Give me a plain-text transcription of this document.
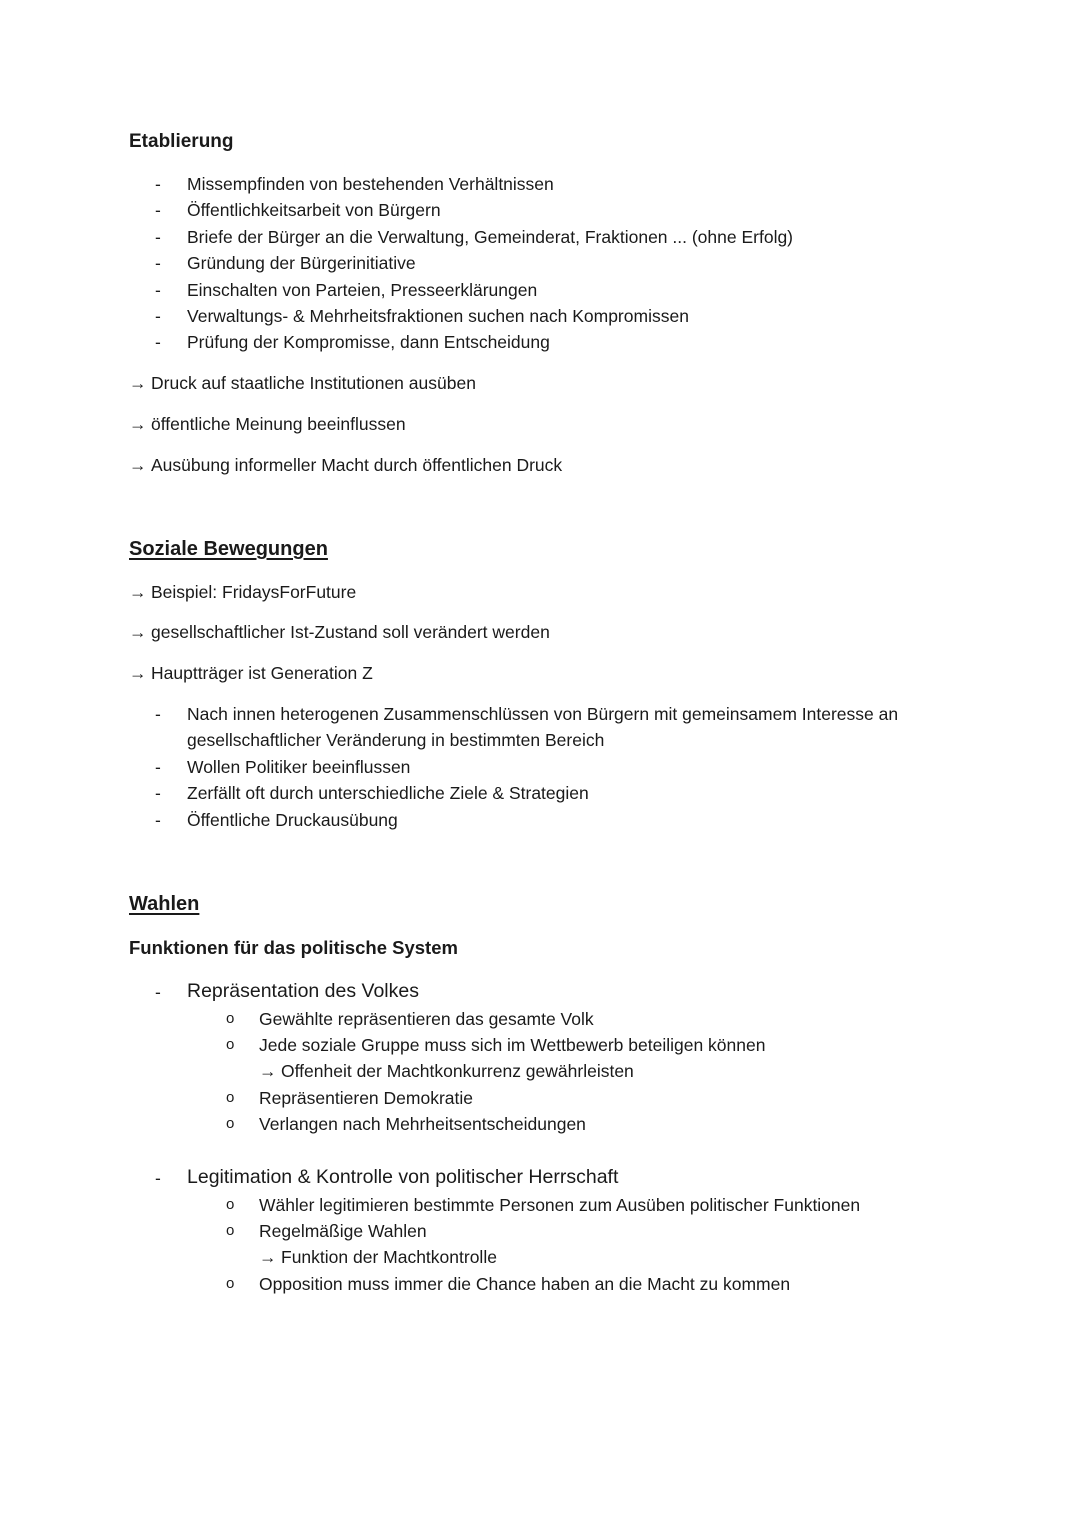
Etablierung
- Missempfinden von bestehenden Verhältnissen
- Öffentlichkeitsarbeit von Bürgern
- Briefe der Bürger an die Verwaltung, Gemeinderat, Fraktionen ... (ohne Erfolg)
- Gründung der Bürgerinitiative
- Einschalten von Parteien, Presseerklärungen
- Verwaltungs- & Mehrheitsfraktionen suchen nach Kompromissen
- Prüfung der Kompromisse, dann Entscheidung
→ Druck auf staatliche Institutionen ausüben
→ öffentliche Meinung beeinflussen
→ Ausübung informeller Macht durch öffentlichen Druck
Soziale Bewegungen
→ Beispiel: FridaysForFuture
→ gesellschaftlicher Ist-Zustand soll verändert werden
→ Hauptträger ist Generation Z
- Nach innen heterogenen Zusammenschlüssen von Bürgern mit gemeinsamem Interesse an gesellschaftlicher Veränderung in bestimmten Bereich
- Wollen Politiker beeinflussen
- Zerfällt oft durch unterschiedliche Ziele & Strategien
- Öffentliche Druckausübung
Wahlen
Funktionen für das politische System
- Repräsentation des Volkes
o Gewählte repräsentieren das gesamte Volk
o Jede soziale Gruppe muss sich im Wettbewerb beteiligen können
→ Offenheit der Machtkonkurrenz gewährleisten
o Repräsentieren Demokratie
o Verlangen nach Mehrheitsentscheidungen
- Legitimation & Kontrolle von politischer Herrschaft
o Wähler legitimieren bestimmte Personen zum Ausüben politischer Funktionen
o Regelmäßige Wahlen
→ Funktion der Machtkontrolle
o Opposition muss immer die Chance haben an die Macht zu kommen
